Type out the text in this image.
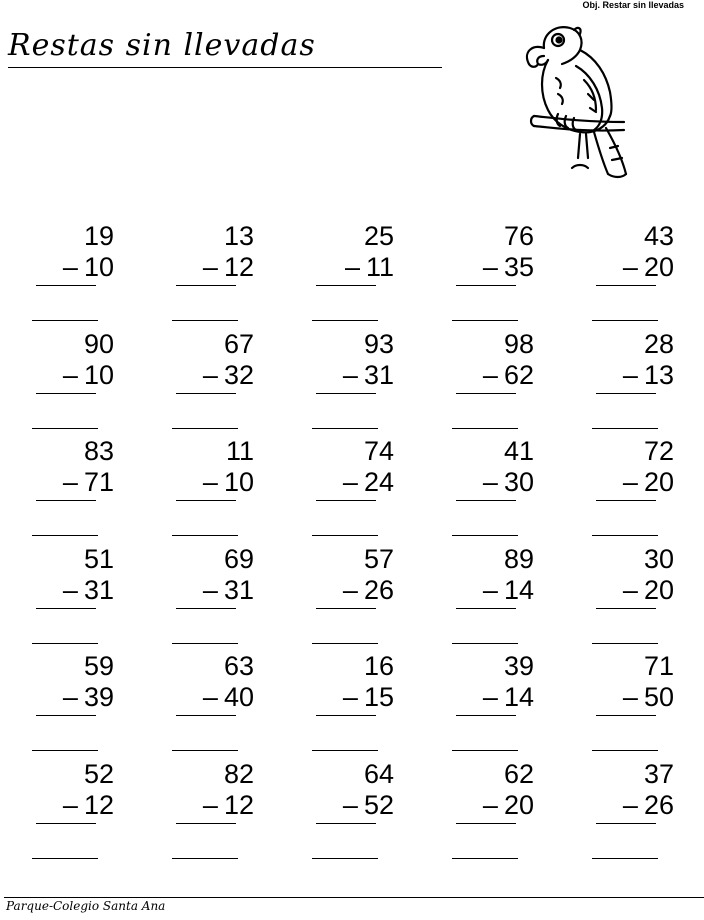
Obj. Restar sin llevadas
Restas sin llevadas
19
– 10
13
– 12
25
– 11
76
– 35
43
– 20
90
– 10
67
– 32
93
– 31
98
– 62
28
– 13
83
– 71
11
– 10
74
– 24
41
– 30
72
– 20
51
– 31
69
– 31
57
– 26
89
– 14
30
– 20
59
– 39
63
– 40
16
– 15
39
– 14
71
– 50
52
– 12
82
– 12
64
– 52
62
– 20
37
– 26
Parque-Colegio Santa Ana
